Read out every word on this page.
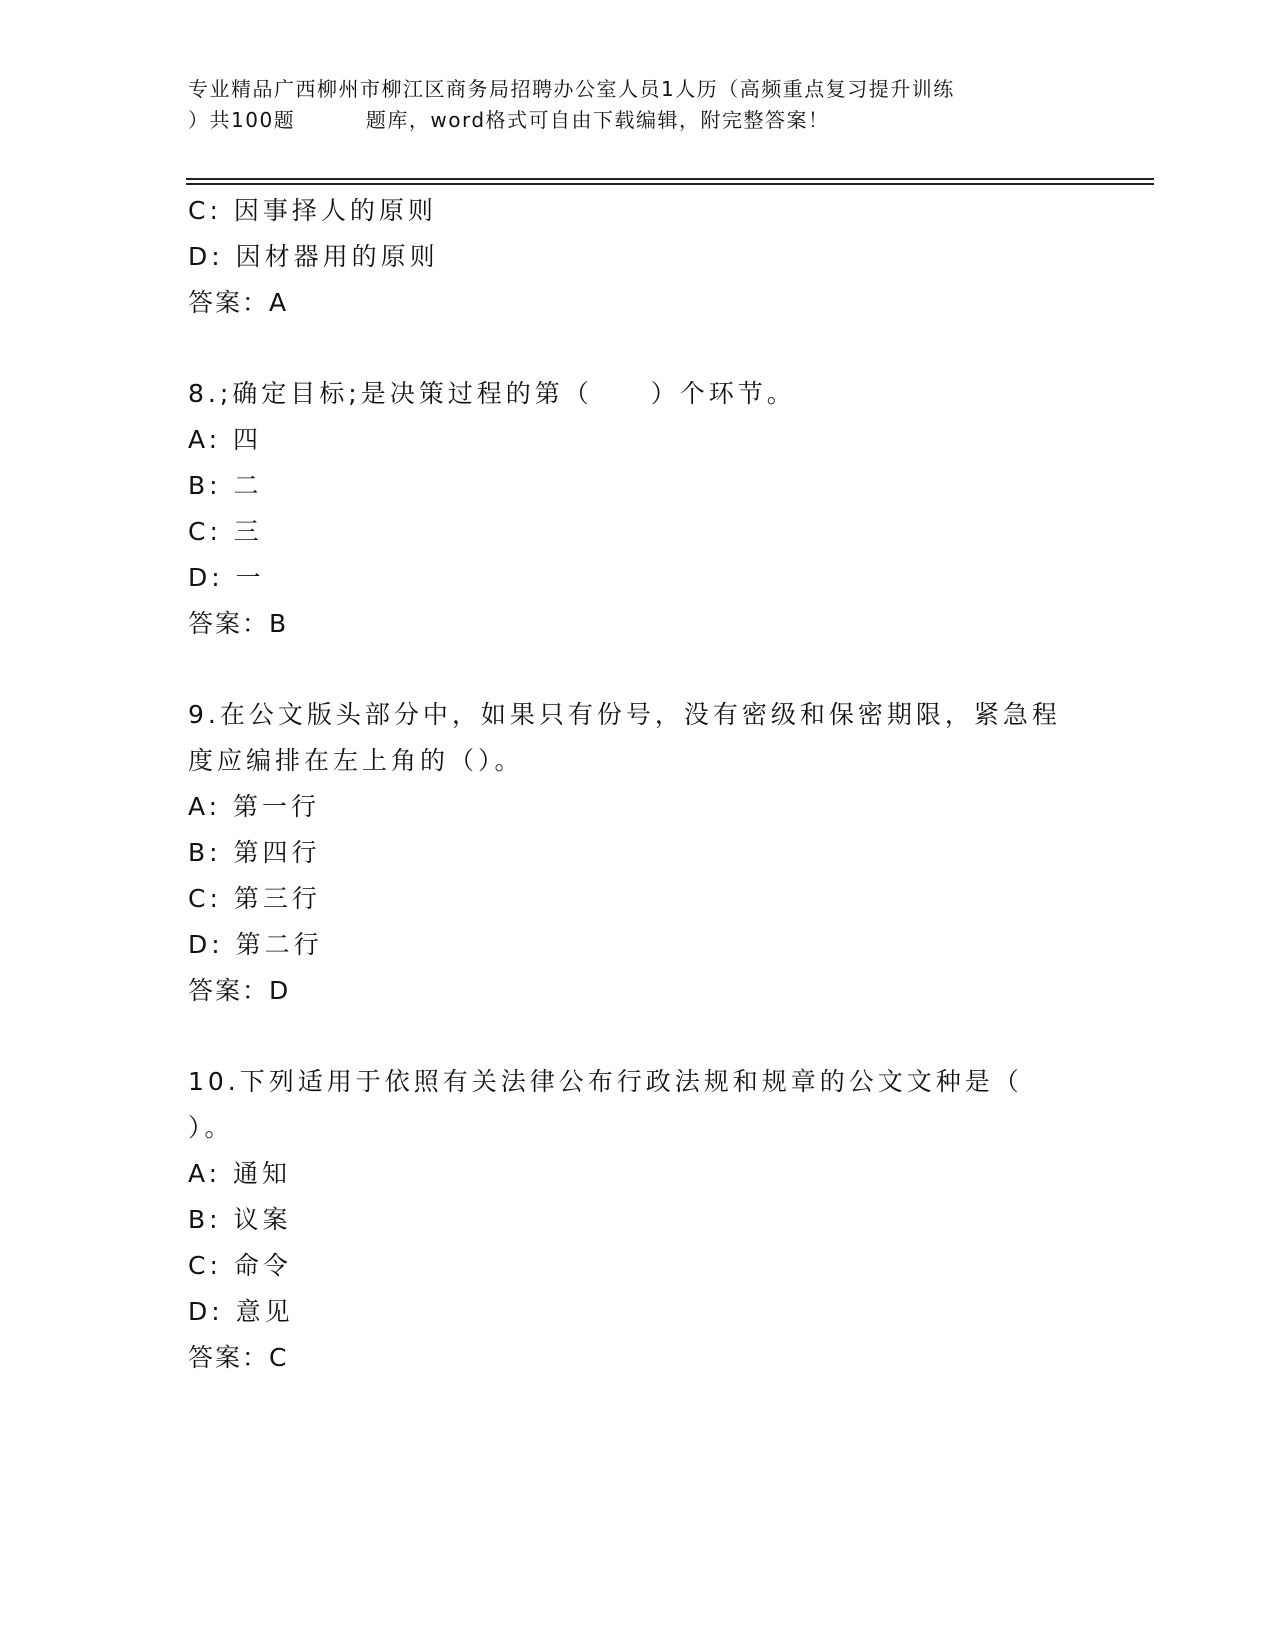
专业精品广西柳州市柳江区商务局招聘办公室人员1人历（高频重点复习提升训练
）共100题         题库，word格式可自由下载编辑，附完整答案！
C: 因事择人的原则
D: 因材器用的原则
答案：A
8.;确定目标;是决策过程的第（　　）个环节。
A: 四
B: 二
C: 三
D: 一
答案：B
9.在公文版头部分中，如果只有份号，没有密级和保密期限，紧急程
度应编排在左上角的（）。
A: 第一行
B: 第四行
C: 第三行
D: 第二行
答案：D
10.下列适用于依照有关法律公布行政法规和规章的公文文种是（
）。
A: 通知
B: 议案
C: 命令
D: 意见
答案：C
